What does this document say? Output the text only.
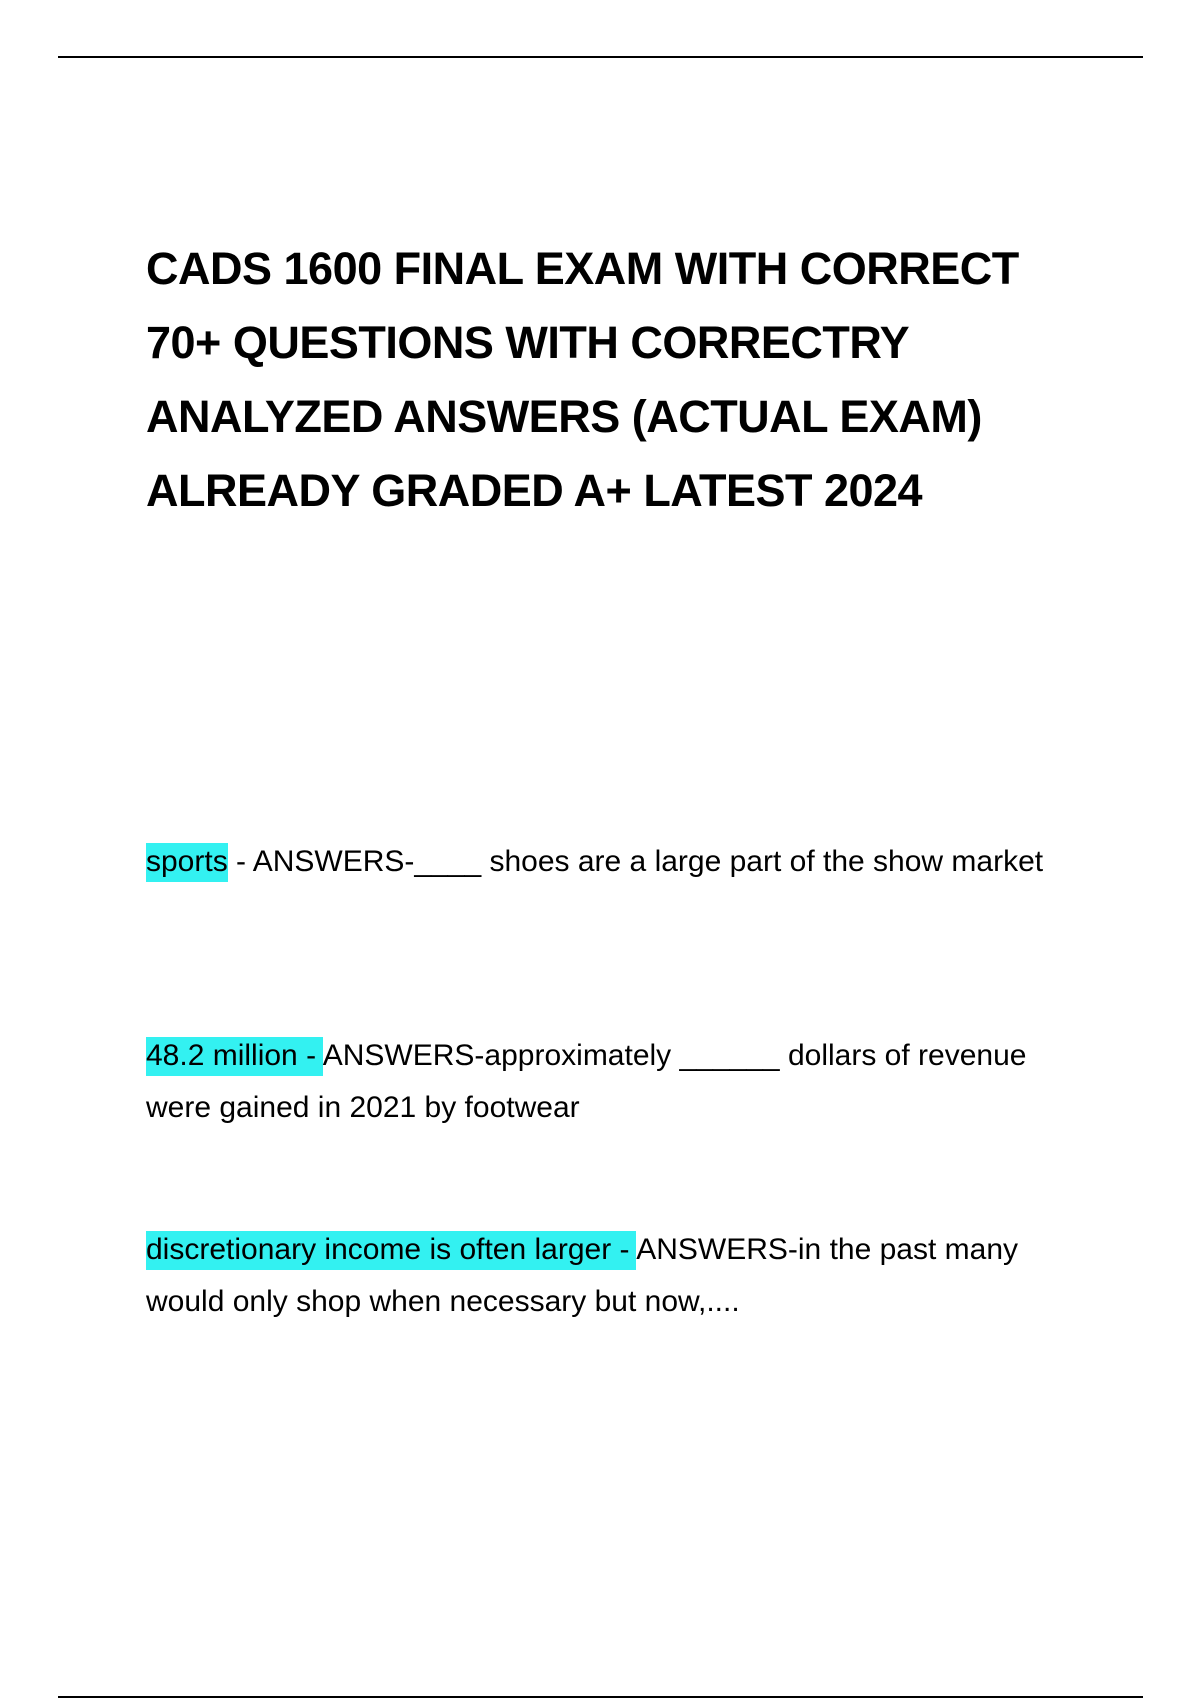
CADS 1600 FINAL EXAM WITH CORRECT
70+ QUESTIONS WITH CORRECTRY
ANALYZED ANSWERS (ACTUAL EXAM)
ALREADY GRADED A+ LATEST 2024

sports - ANSWERS-____ shoes are a large part of the show market

48.2 million - ANSWERS-approximately ______ dollars of revenue were gained in 2021 by footwear

discretionary income is often larger - ANSWERS-in the past many would only shop when necessary but now,....
